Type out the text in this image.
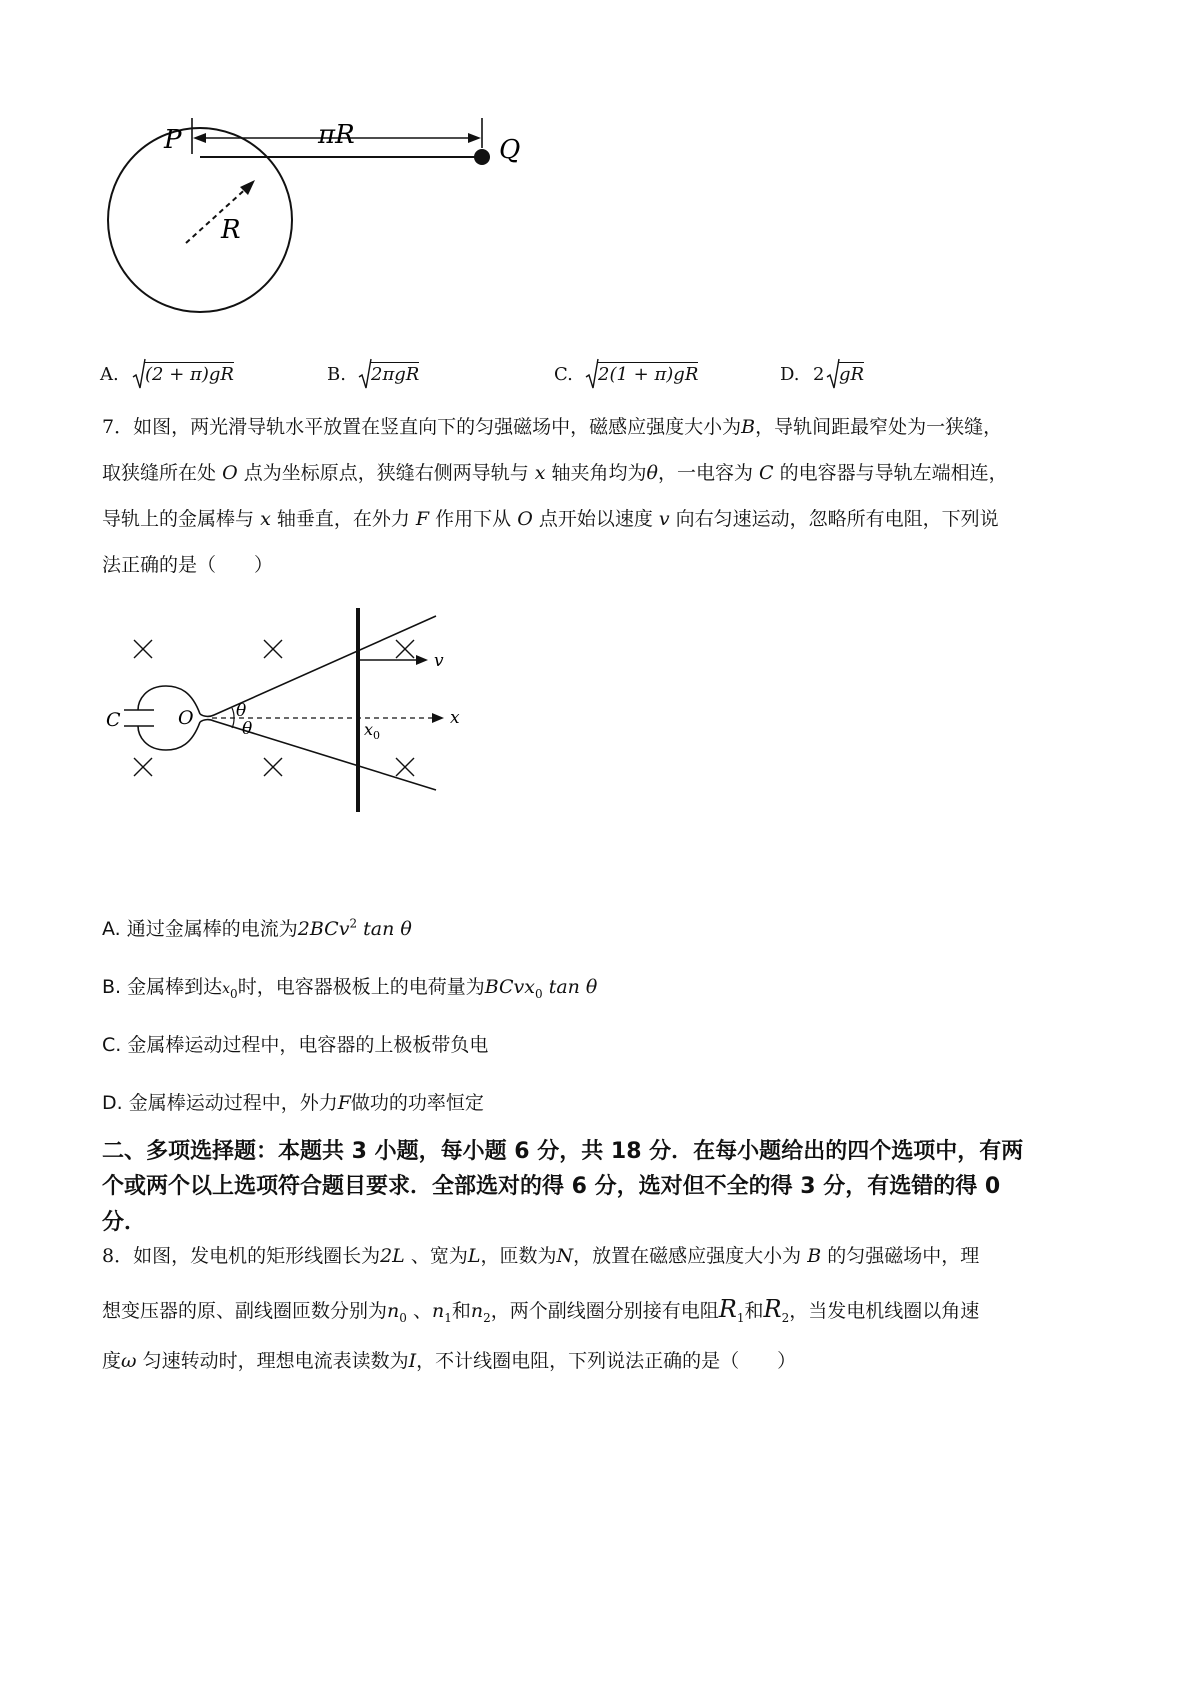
P	πR	Q
R
A. (2 + π)gR	B. 2πgR	C. 2(1 + π)gR	D. 2 gR
7．如图，两光滑导轨水平放置在竖直向下的匀强磁场中，磁感应强度大小为B，导轨间距最窄处为一狭缝，
取狭缝所在处 O 点为坐标原点，狭缝右侧两导轨与 x 轴夹角均为θ，一电容为 C 的电容器与导轨左端相连，
导轨上的金属棒与 x 轴垂直，在外力 F 作用下从 O 点开始以速度 v 向右匀速运动，忽略所有电阻，下列说
法正确的是（　　）
C	O θ
θ
v
x
$x_0$
A. 通过金属棒的电流为2BCv$^2$ tan θ
B. 金属棒到达$x_0$时，电容器极板上的电荷量为BCvx$_0$ tan θ
C. 金属棒运动过程中，电容器的上极板带负电
D. 金属棒运动过程中，外力F做功的功率恒定
二、多项选择题：本题共 3 小题，每小题 6 分，共 18 分．在每小题给出的四个选项中，有两
个或两个以上选项符合题目要求．全部选对的得 6 分，选对但不全的得 3 分，有选错的得 0
分．
8．如图，发电机的矩形线圈长为2L 、宽为L，匝数为N，放置在磁感应强度大小为 B 的匀强磁场中，理
想变压器的原、副线圈匝数分别为$n_0$ 、$n_1$和$n_2$，两个副线圈分别接有电阻$R_1$和$R_2$，当发电机线圈以角速
度ω 匀速转动时，理想电流表读数为I，不计线圈电阻，下列说法正确的是（　　）
